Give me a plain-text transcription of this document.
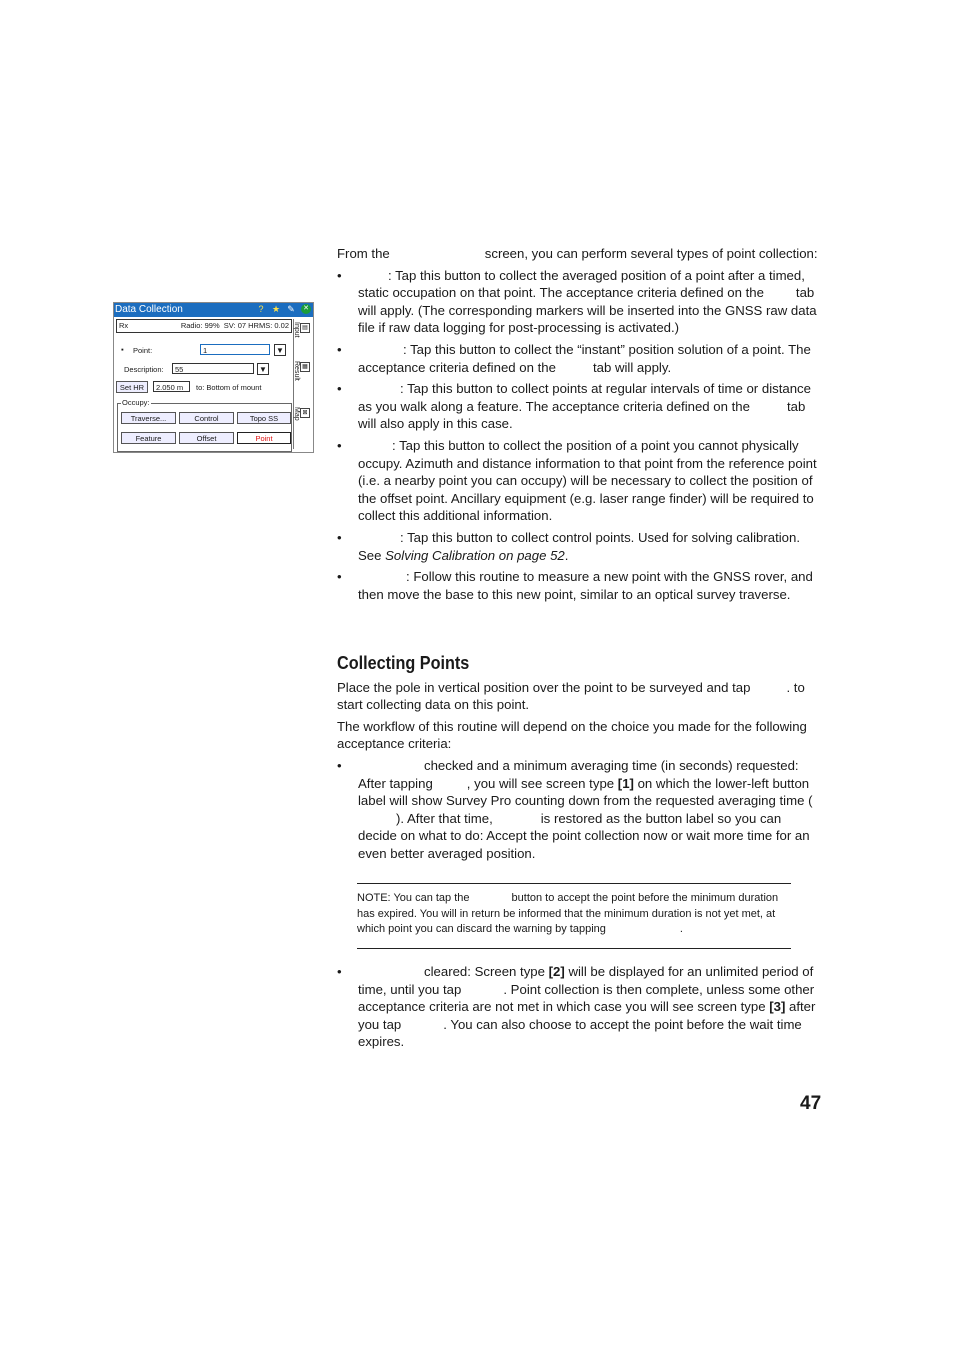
Data Collection	? ★ ✎ ✕
Rx	Radio: 99% SV: 07 HRMS: 0.02
▪ Point:	1	▼
Description:	55	▼
Set HR	2.050 m	to: Bottom of mount
Occupy:
Traverse...	Control	Topo SS
Feature	Offset	Point
▤
Input
▦
Result
⊠
Map

From the	screen, you can perform several types of point collection:

• : Tap this button to collect the averaged position of a point after a timed, static occupation on that point. The acceptance criteria defined on the tab will apply. (The corresponding markers will be inserted into the GNSS raw data file if raw data logging for post-processing is activated.)

• : Tap this button to collect the “instant” position solution of a point. The acceptance criteria defined on the	tab will apply.

• : Tap this button to collect points at regular intervals of time or distance as you walk along a feature. The acceptance criteria defined on the	tab will also apply in this case.

• : Tap this button to collect the position of a point you cannot physically occupy. Azimuth and distance information to that point from the reference point (i.e. a nearby point you can occupy) will be necessary to collect the position of the offset point. Ancillary equipment (e.g. laser range finder) will be required to collect this additional information.

• : Tap this button to collect control points. Used for solving calibration. See Solving Calibration on page 52.

• : Follow this routine to measure a new point with the GNSS rover, and then move the base to this new point, similar to an optical survey traverse.

Collecting Points

Place the pole in vertical position over the point to be surveyed and tap	. to start collecting data on this point.

The workflow of this routine will depend on the choice you made for the following acceptance criteria:

• checked and a minimum averaging time (in seconds) requested: After tapping	, you will see screen type [1] on which the lower-left button label will show Survey Pro counting down from the requested averaging time (). After that time,	is restored as the button label so you can decide on what to do: Accept the point collection now or wait more time for an even better averaged position.

NOTE: You can tap the	button to accept the point before the minimum duration has expired. You will in return be informed that the minimum duration is not yet met, at which point you can discard the warning by tapping	.

• cleared: Screen type [2] will be displayed for an unlimited period of time, until you tap	. Point collection is then complete, unless some other acceptance criteria are not met in which case you will see screen type [3] after you tap	. You can also choose to accept the point before the wait time expires.

47
